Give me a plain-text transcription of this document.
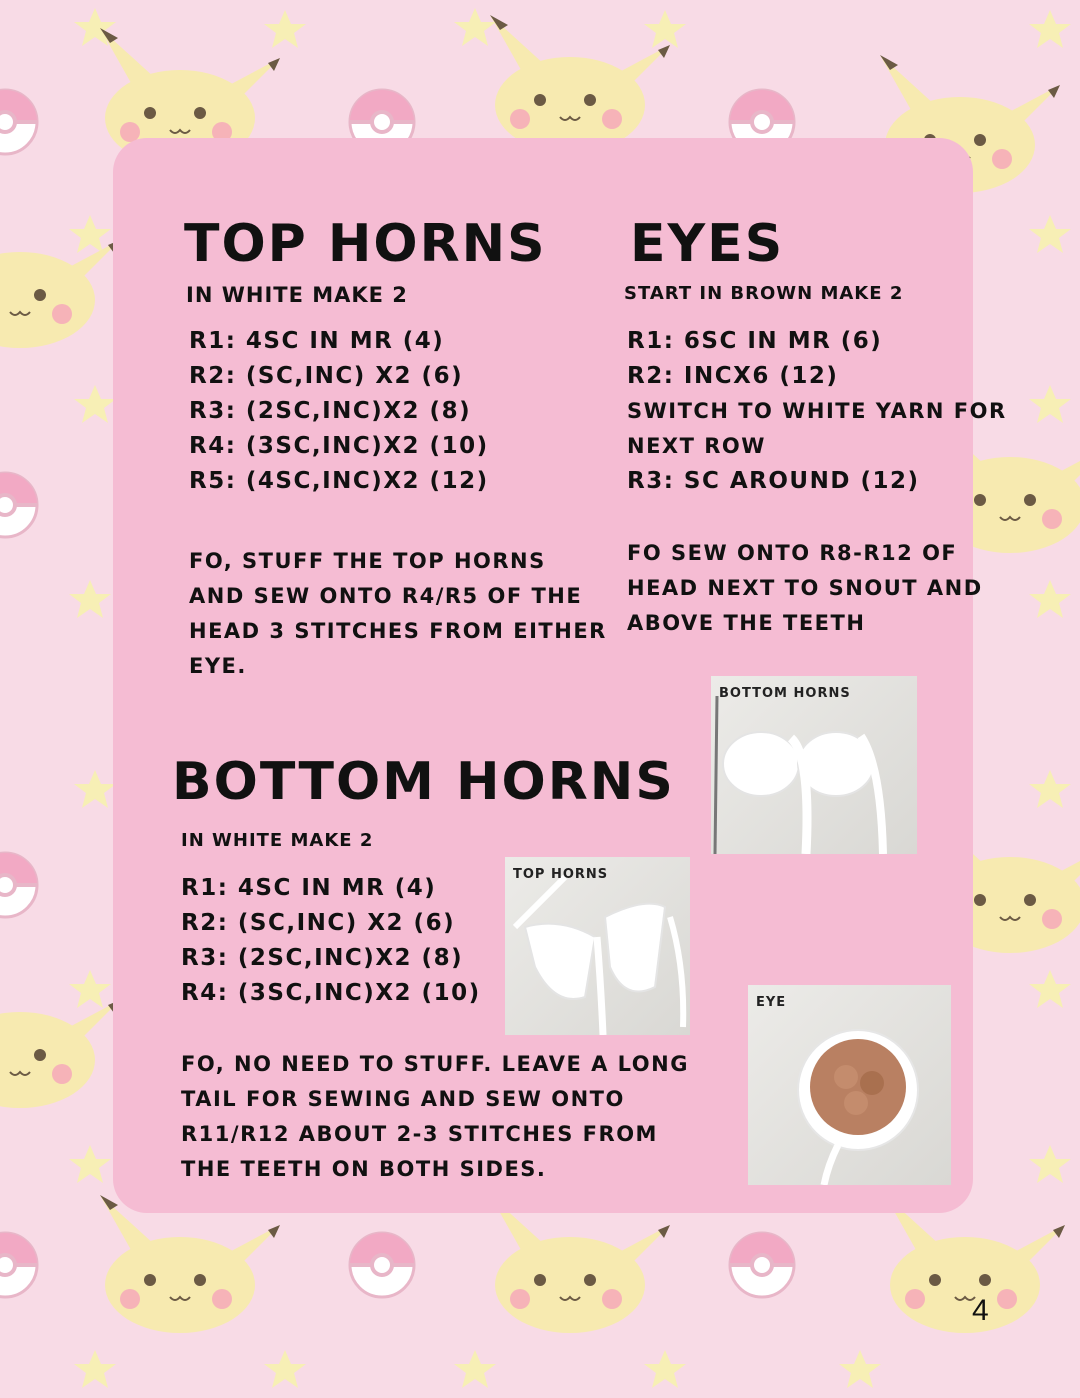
TOP HORNS
IN WHITE MAKE 2
R1: 4SC IN MR (4)
R2: (SC,INC) X2 (6)
R3: (2SC,INC)X2 (8)
R4: (3SC,INC)X2 (10)
R5: (4SC,INC)X2 (12)
FO, STUFF THE TOP HORNS
AND SEW ONTO R4/R5 OF THE
HEAD 3 STITCHES FROM EITHER
EYE.
EYES
START IN BROWN MAKE 2
R1: 6SC IN MR (6)
R2: INCX6 (12)
SWITCH TO WHITE YARN FOR
NEXT ROW
R3: SC AROUND (12)
FO SEW ONTO R8-R12 OF
HEAD NEXT TO SNOUT AND
ABOVE THE TEETH
BOTTOM HORNS
IN WHITE MAKE 2
R1: 4SC IN MR (4)
R2: (SC,INC) X2 (6)
R3: (2SC,INC)X2 (8)
R4: (3SC,INC)X2 (10)
FO, NO NEED TO STUFF. LEAVE A LONG
TAIL FOR SEWING AND SEW ONTO
R11/R12 ABOUT 2-3 STITCHES FROM
THE TEETH ON BOTH SIDES.
BOTTOM HORNS
TOP HORNS
EYE
4
